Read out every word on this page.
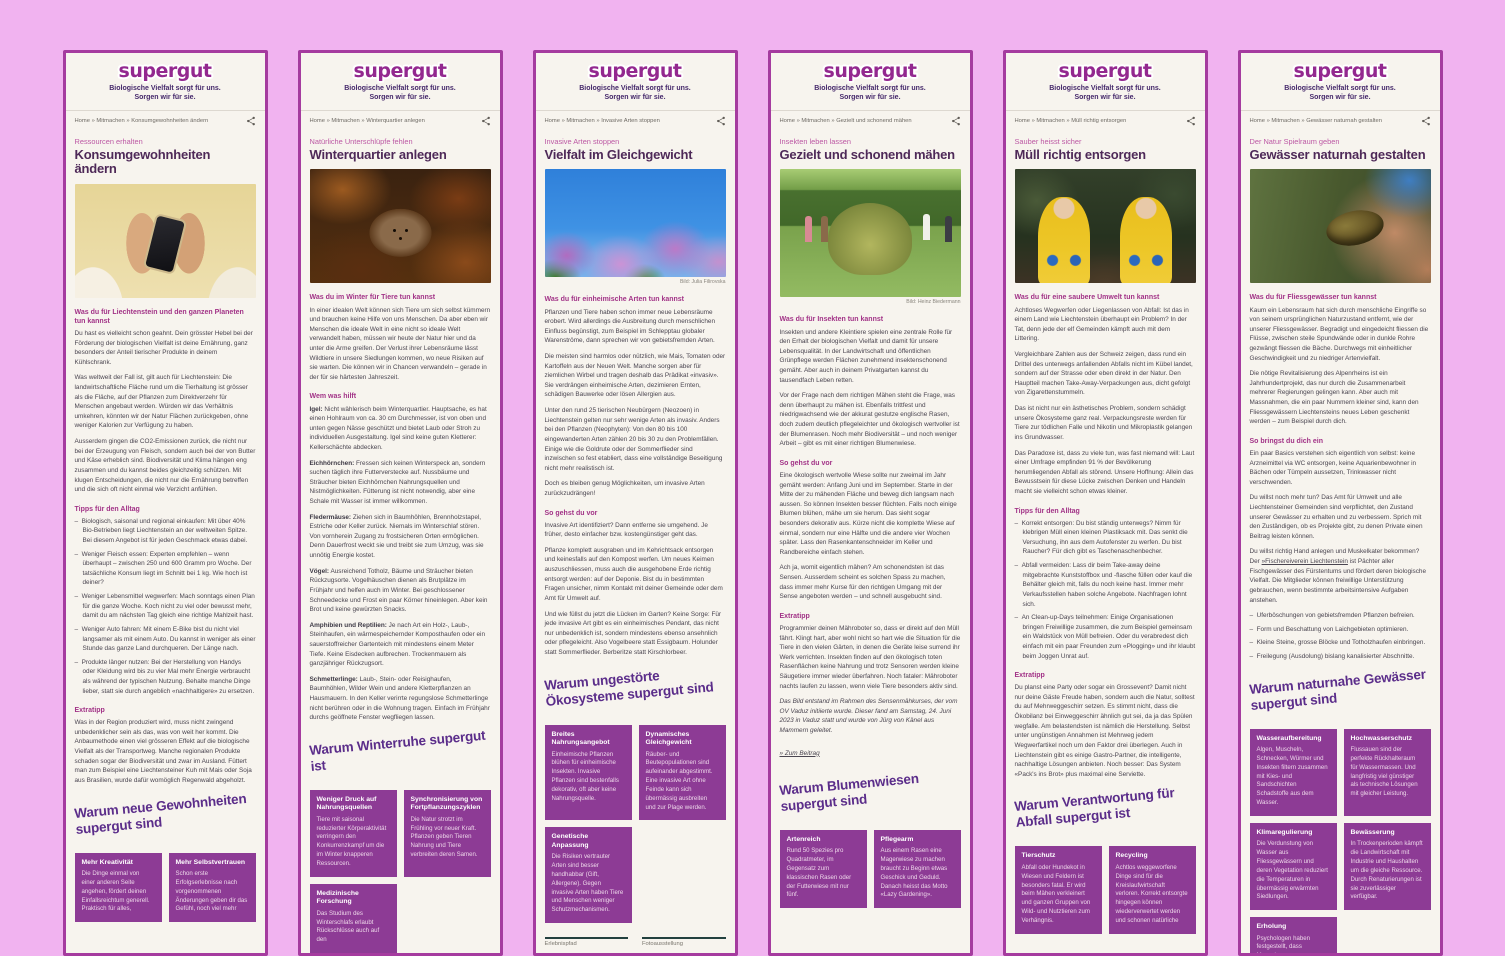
supergut
Biologische Vielfalt sorgt für uns.
Sorgen wir für sie.
Home » Mitmachen » Konsumgewohnheiten ändern
Ressourcen erhalten
Konsumgewohnheiten ändern
Was du für Liechtenstein und den ganzen Planeten tun kannst

Du hast es vielleicht schon geahnt. Dein grösster Hebel bei der Förderung der biologischen Vielfalt ist deine Ernährung, ganz besonders der Anteil tierischer Produkte in deinem Kühlschrank.

Was weltweit der Fall ist, gilt auch für Liechtenstein: Die landwirtschaftliche Fläche rund um die Tierhaltung ist grösser als die Fläche, auf der Pflanzen zum Direktverzehr für Menschen angebaut werden. Würden wir das Verhältnis umkehren, könnten wir der Natur Flächen zurückgeben, ohne weniger Kalorien zur Verfügung zu haben.

Ausserdem gingen die CO2-Emissionen zurück, die nicht nur bei der Erzeugung von Fleisch, sondern auch bei der von Butter und Käse erheblich sind. Biodiversität und Klima hängen eng zusammen und du kannst beides gleichzeitig schützen. Mit klugen Entscheidungen, die nicht nur die Ernährung betreffen und die sich oft nicht einmal wie Verzicht anfühlen.

Tipps für den Alltag
–  Biologisch, saisonal und regional einkaufen: Mit über 40% Bio-Betrieben liegt Liechtenstein an der weltweiten Spitze. Bei diesem Angebot ist für jeden Geschmack etwas dabei.
–  Weniger Fleisch essen: Experten empfehlen – wenn überhaupt – zwischen 250 und 600 Gramm pro Woche. Der tatsächliche Konsum liegt im Schnitt bei 1 kg. Wie hoch ist deiner?
–  Weniger Lebensmittel wegwerfen: Mach sonntags einen Plan für die ganze Woche. Koch nicht zu viel oder bewusst mehr, damit du am nächsten Tag gleich eine richtige Mahlzeit hast.
–  Weniger Auto fahren: Mit einem E-Bike bist du nicht viel langsamer als mit einem Auto. Du kannst in weniger als einer Stunde das ganze Land durchqueren. Der Länge nach.
–  Produkte länger nutzen: Bei der Herstellung von Handys oder Kleidung wird bis zu vier Mal mehr Energie verbraucht als während der typischen Nutzung. Behalte manche Dinge lieber, statt sie durch angeblich «nachhaltigere» zu ersetzen.
Extratipp

Was in der Region produziert wird, muss nicht zwingend unbedenklicher sein als das, was von weit her kommt. Die Anbaumethode einen viel grösseren Effekt auf die biologische Vielfalt als der Transportweg. Manche regionalen Produkte schaden sogar der Biodiversität und zwar im Ausland. Füttert man zum Beispiel eine Liechtensteiner Kuh mit Mais oder Soja aus Brasilien, wurde dafür womöglich Regenwald abgeholzt.

Warum neue Gewohnheiten supergut sind
Mehr Kreativität

Die Dinge einmal von einer anderen Seite angehen, fördert deinen Einfallsreichtum generell. Praktisch für alles,

Mehr Selbstvertrauen

Schon erste Erfolgserlebnisse nach vorgenommenen Änderungen geben dir das Gefühl, noch viel mehr

supergut
Biologische Vielfalt sorgt für uns.
Sorgen wir für sie.
Home » Mitmachen » Winterquartier anlegen
Natürliche Unterschlüpfe fehlen
Winterquartier anlegen
Was du im Winter für Tiere tun kannst

In einer idealen Welt können sich Tiere um sich selbst kümmern und brauchen keine Hilfe von uns Menschen. Da aber eben wir Menschen die ideale Welt in eine nicht so ideale Welt verwandelt haben, müssen wir heute der Natur hier und da unter die Arme greifen. Der Verlust ihrer Lebensräume lässt Wildtiere in unsere Siedlungen kommen, wo neue Risiken auf sie warten. Die können wir in Chancen verwandeln – gerade in der für sie härtesten Jahreszeit.

Wem was hilft

Igel: Nicht wählerisch beim Winterquartier. Hauptsache, es hat einen Hohlraum von ca. 30 cm Durchmesser, ist von oben und unten gegen Nässe geschützt und bietet Laub oder Stroh zu individuellen Ausgestaltung. Igel sind keine guten Kletterer: Kellerschächte abdecken.

Eichhörnchen: Fressen sich keinen Winterspeck an, sondern suchen täglich ihre Futterverstecke auf. Nussbäume und Sträucher bieten Eichhörnchen Nahrungsquellen und Nistmöglichkeiten. Fütterung ist nicht notwendig, aber eine Schale mit Wasser ist immer willkommen.

Fledermäuse: Ziehen sich in Baumhöhlen, Brennholzstapel, Estriche oder Keller zurück. Niemals im Winterschlaf stören. Von vornherein Zugang zu frostsicheren Orten ermöglichen. Denn Dauerfrost weckt sie und treibt sie zum Umzug, was sie unnötig Energie kostet.

Vögel: Ausreichend Totholz, Bäume und Sträucher bieten Rückzugsorte. Vogelhäuschen dienen als Brutplätze im Frühjahr und helfen auch im Winter. Bei geschlossener Schneedecke und Frost ein paar Körner hineinlegen. Aber kein Brot und keine gewürzten Snacks.

Amphibien und Reptilien: Je nach Art ein Holz-, Laub-, Steinhaufen, ein wärmespeichernder Komposthaufen oder ein sauerstoffreicher Gartenteich mit mindestens einem Meter Tiefe. Keine Eisdecken aufbrechen. Trockenmauern als ganzjähriger Rückzugsort.

Schmetterlinge: Laub-, Stein- oder Reisighaufen, Baumhöhlen, Wilder Wein und andere Kletterpflanzen an Hausmauern. In den Keller verirrte regungslose Schmetterlinge nicht berühren oder in die Wohnung tragen. Einfach im Frühjahr durchs geöffnete Fenster wegfliegen lassen.

Warum Winterruhe supergut ist
Weniger Druck auf Nahrungsquellen

Tiere mit saisonal reduzierter Körperaktivität verringern den Konkurrenzkampf um die im Winter knapperen Ressourcen.

Synchronisierung von Fortpflanzungszyklen

Die Natur strotzt im Frühling vor neuer Kraft. Pflanzen geben Tieren Nahrung und Tiere verbreiten deren Samen.

Medizinische Forschung

Das Studium des Winterschlafs erlaubt Rückschlüsse auch auf den

supergut
Biologische Vielfalt sorgt für uns.
Sorgen wir für sie.
Home » Mitmachen » Invasive Arten stoppen
Invasive Arten stoppen
Vielfalt im Gleichgewicht
Bild: Julia Filirovska
Was du für einheimische Arten tun kannst

Pflanzen und Tiere haben schon immer neue Lebensräume erobert. Wird allerdings die Ausbreitung durch menschlichen Einfluss begünstigt, zum Beispiel im Schlepptau globaler Warenströme, dann sprechen wir von gebietsfremden Arten.

Die meisten sind harmlos oder nützlich, wie Mais, Tomaten oder Kartoffeln aus der Neuen Welt. Manche sorgen aber für ziemlichen Wirbel und tragen deshalb das Prädikat «invasiv». Sie verdrängen einheimische Arten, dezimieren Ernten, schädigen Bauwerke oder lösen Allergien aus.

Unter den rund 25 tierischen Neubürgern (Neozoen) in Liechtenstein gelten nur sehr wenige Arten als invasiv. Anders bei den Pflanzen (Neophyten): Von den 80 bis 100 eingewanderten Arten zählen 20 bis 30 zu den Problemfällen. Einige wie die Goldrute oder der Sommerflieder sind inzwischen so fest etabliert, dass eine vollständige Beseitigung nicht mehr realistisch ist.

Doch es bleiben genug Möglichkeiten, um invasive Arten zurückzudrängen!

So gehst du vor

Invasive Art identifiziert? Dann entferne sie umgehend. Je früher, desto einfacher bzw. kostengünstiger geht das.

Pflanze komplett ausgraben und im Kehrichtsack entsorgen und keinesfalls auf den Kompost werfen. Um neues Keimen auszuschliessen, muss auch die ausgehobene Erde richtig entsorgt werden: auf der Deponie. Bist du in bestimmten Fragen unsicher, nimm Kontakt mit deiner Gemeinde oder dem Amt für Umwelt auf.

Und wie füllst du jetzt die Lücken im Garten? Keine Sorge: Für jede invasive Art gibt es ein einheimisches Pendant, das nicht nur unbedenklich ist, sondern mindestens ebenso ansehnlich oder pflegeleicht. Also Vogelbeere statt Essigbaum. Holunder statt Sommerflieder. Berberitze statt Kirschlorbeer.

Warum ungestörte Ökosysteme supergut sind
Breites Nahrungsangebot

Einheimische Pflanzen blühen für einheimische Insekten. Invasive Pflanzen sind bestenfalls dekorativ, oft aber keine Nahrungsquelle.

Dynamisches Gleichgewicht

Räuber- und Beutepopulationen sind aufeinander abgestimmt. Eine invasive Art ohne Feinde kann sich übermässig ausbreiten und zur Plage werden.

Genetische Anpassung

Die Risiken vertrauter Arten sind besser handhabbar (Gift, Allergene). Gegen invasive Arten haben Tiere und Menschen weniger Schutzmechanismen.

Erlebnispfad	Fotoausstellung
supergut
Biologische Vielfalt sorgt für uns.
Sorgen wir für sie.
Home » Mitmachen » Gezielt und schonend mähen
Insekten leben lassen
Gezielt und schonend mähen
Bild: Heinz Biedermann
Was du für Insekten tun kannst

Insekten und andere Kleintiere spielen eine zentrale Rolle für den Erhalt der biologischen Vielfalt und damit für unsere Lebensqualität. In der Landwirtschaft und öffentlichen Grünpflege werden Flächen zunehmend insektenschonend gemäht. Aber auch in deinem Privatgarten kannst du tausendfach Leben retten.

Vor der Frage nach dem richtigen Mähen steht die Frage, was denn überhaupt zu mähen ist. Ebenfalls trittfest und niedrigwachsend wie der akkurat gestutze englische Rasen, doch zudem deutlich pflegeleichter und ökologisch wertvoller ist der Blumenrasen. Noch mehr Biodiversität – und noch weniger Arbeit – gibt es mit einer richtigen Blumenwiese.

So gehst du vor

Eine ökologisch wertvolle Wiese sollte nur zweimal im Jahr gemäht werden: Anfang Juni und im September. Starte in der Mitte der zu mähenden Fläche und beweg dich langsam nach aussen. So können Insekten besser flüchten. Falls noch einige Blumen blühen, mähe um sie herum. Das sieht sogar besonders dekorativ aus. Kürze nicht die komplette Wiese auf einmal, sondern nur eine Hälfte und die andere vier Wochen später. Lass den Rasenkantenschneider im Keller und Randbereiche einfach stehen.

Ach ja, womit eigentlich mähen? Am schonendsten ist das Sensen. Ausserdem scheint es solchen Spass zu machen, dass immer mehr Kurse für den richtigen Umgang mit der Sense angeboten werden – und schnell ausgebucht sind.

Extratipp

Programmier deinen Mähroboter so, dass er direkt auf den Müll fährt. Klingt hart, aber wohl nicht so hart wie die Situation für die Tiere in den vielen Gärten, in denen die Geräte leise surrend ihr Werk verrichten. Insekten finden auf den ökologisch toten Rasenflächen keine Nahrung und trotz Sensoren werden kleine Säugetiere immer wieder überfahren. Noch fataler: Mähroboter nachts laufen zu lassen, wenn viele Tiere besonders aktiv sind.

Das Bild entstand im Rahmen des Sensenmähkurses, der vom OV Vaduz initiierte wurde. Dieser fand am Samstag, 24. Juni 2023 in Vaduz statt und wurde von Jürg von Känel aus Mammern geleitet.

» Zum Beitrag
Warum Blumenwiesen supergut sind
Artenreich

Rund 50 Spezies pro Quadratmeter, im Gegensatz zum klassischen Rasen oder der Futterwiese mit nur fünf.

Pflegearm

Aus einem Rasen eine Magerwiese zu machen braucht zu Beginn etwas Geschick und Geduld. Danach heisst das Motto «Lazy Gardening».

supergut
Biologische Vielfalt sorgt für uns.
Sorgen wir für sie.
Home » Mitmachen » Müll richtig entsorgen
Sauber heisst sicher
Müll richtig entsorgen
Was du für eine saubere Umwelt tun kannst

Achtloses Wegwerfen oder Liegenlassen von Abfall: Ist das in einem Land wie Liechtenstein überhaupt ein Problem? In der Tat, denn jede der elf Gemeinden kämpft auch mit dem Littering.

Vergleichbare Zahlen aus der Schweiz zeigen, dass rund ein Drittel des unterwegs anfallenden Abfalls nicht im Kübel landet, sondern auf der Strasse oder eben direkt in der Natur. Den Hauptteil machen Take-Away-Verpackungen aus, dicht gefolgt von Zigarettenstummeln.

Das ist nicht nur ein ästhetisches Problem, sondern schädigt unsere Ökosysteme ganz real. Verpackungsreste werden für Tiere zur tödlichen Falle und Nikotin und Mikroplastik gelangen ins Grundwasser.

Das Paradoxe ist, dass zu viele tun, was fast niemand will: Laut einer Umfrage empfinden 91 % der Bevölkerung herumliegenden Abfall als störend. Unsere Hoffnung: Allein das Bewusstsein für diese Lücke zwischen Denken und Handeln macht sie vielleicht schon etwas kleiner.

Tipps für den Alltag
–  Korrekt entsorgen: Du bist ständig unterwegs? Nimm für klebrigen Müll einen kleinen Plastiksack mit. Das senkt die Versuchung, ihn aus dem Autofenster zu werfen. Du bist Raucher? Für dich gibt es Taschenaschenbecher.
–  Abfall vermeiden: Lass dir beim Take-away deine mitgebrachte Kunststoffbox und -flasche füllen oder kauf die Behälter gleich mit, falls du noch keine hast. Immer mehr Verkaufsstellen haben solche Angebote. Nachfragen lohnt sich.
–  An Clean-up-Days teilnehmen: Einige Organisationen bringen Freiwillige zusammen, die zum Beispiel gemeinsam ein Waldstück von Müll befreien. Oder du verabredest dich einfach mit ein paar Freunden zum «Plogging» und ihr klaubt beim Joggen Unrat auf.
Extratipp

Du planst eine Party oder sogar ein Grossevent? Damit nicht nur deine Gäste Freude haben, sondern auch die Natur, solltest du auf Mehrweggeschirr setzen. Es stimmt nicht, dass die Ökobilanz bei Einweggeschirr ähnlich gut sei, da ja das Spülen wegfalle. Am belastendsten ist nämlich die Herstellung. Selbst unter ungünstigen Annahmen ist Mehrweg jedem Wegwerfartikel noch um den Faktor drei überlegen. Auch in Liechtenstein gibt es einige Gastro-Partner, die intelligente, nachhaltige Lösungen anbieten. Noch besser: Das System «Pack's ins Brot» plus maximal eine Serviette.

Warum Verantwortung für Abfall supergut ist
Tierschutz

Abfall oder Hundekot in Wiesen und Feldern ist besonders fatal. Er wird beim Mähen verkleinert und ganzen Gruppen von Wild- und Nutztieren zum Verhängnis.

Recycling

Achtlos weggeworfene Dinge sind für die Kreislaufwirtschaft verloren. Korrekt entsorgte hingegen können wiederverwertet werden und schonen natürliche

supergut
Biologische Vielfalt sorgt für uns.
Sorgen wir für sie.
Home » Mitmachen » Gewässer naturnah gestalten
Der Natur Spielraum geben
Gewässer naturnah gestalten
Was du für Fliessgewässer tun kannst

Kaum ein Lebensraum hat sich durch menschliche Eingriffe so von seinem ursprünglichen Naturzustand entfernt, wie der unserer Fliessgewässer. Begradigt und eingedeicht fliessen die Flüsse, zwischen steile Spundwände oder in dunkle Rohre gezwängt fliessen die Bäche. Durchwegs mit einheitlicher Geschwindigkeit und zu niedriger Artenvielfalt.

Die nötige Revitalisierung des Alpenrheins ist ein Jahrhundertprojekt, das nur durch die Zusammenarbeit mehrerer Regierungen gelingen kann. Aber auch mit Massnahmen, die ein paar Nummern kleiner sind, kann den Fliessgewässern Liechtensteins neues Leben geschenkt werden – zum Beispiel durch dich.

So bringst du dich ein

Ein paar Basics verstehen sich eigentlich von selbst: keine Arzneimittel via WC entsorgen, keine Aquarienbewohner in Bächen oder Tümpeln aussetzen, Trinkwasser nicht verschwenden.

Du willst noch mehr tun? Das Amt für Umwelt und alle Liechtensteiner Gemeinden sind verpflichtet, den Zustand unserer Gewässer zu erhalten und zu verbessern. Sprich mit den Zuständigen, ob es Projekte gibt, zu denen Private einen Beitrag leisten können.

Du willst richtig Hand anlegen und Muskelkater bekommen? Der »Fischereiverein Liechtenstein ist Pächter aller Fischgewässer des Fürstentums und fördert deren biologische Vielfalt. Die Mitglieder können freiwillige Unterstützung gebrauchen, wenn bestimmte arbeitsintensive Aufgaben anstehen.

–  Uferböschungen von gebietsfremden Pflanzen befreien.
–  Form und Beschattung von Laichgebieten optimieren.
–  Kleine Steine, grosse Blöcke und Totholzhaufen einbringen.
–  Freilegung (Ausdolung) bislang kanalisierter Abschnitte.
Warum naturnahe Gewässer supergut sind
Wasseraufbereitung

Algen, Muscheln, Schnecken, Würmer und Insekten filtern zusammen mit Kies- und Sandschichten Schadstoffe aus dem Wasser.

Hochwasserschutz

Flussauen sind der perfekte Rückhalteraum für Wassermassen. Und langfristig viel günstiger als technische Lösungen mit gleicher Leistung.

Klimaregulierung

Die Verdunstung von Wasser aus Fliessgewässern und deren Vegetation reduziert die Temperaturen in übermässig erwärmten Siedlungen.

Bewässerung

In Trockenperioden kämpft die Landwirtschaft mit Industrie und Haushalten um die gleiche Ressource. Durch Renaturierungen ist sie zuverlässiger verfügbar.

Erholung

Psychologen haben festgestellt, dass Menschen
